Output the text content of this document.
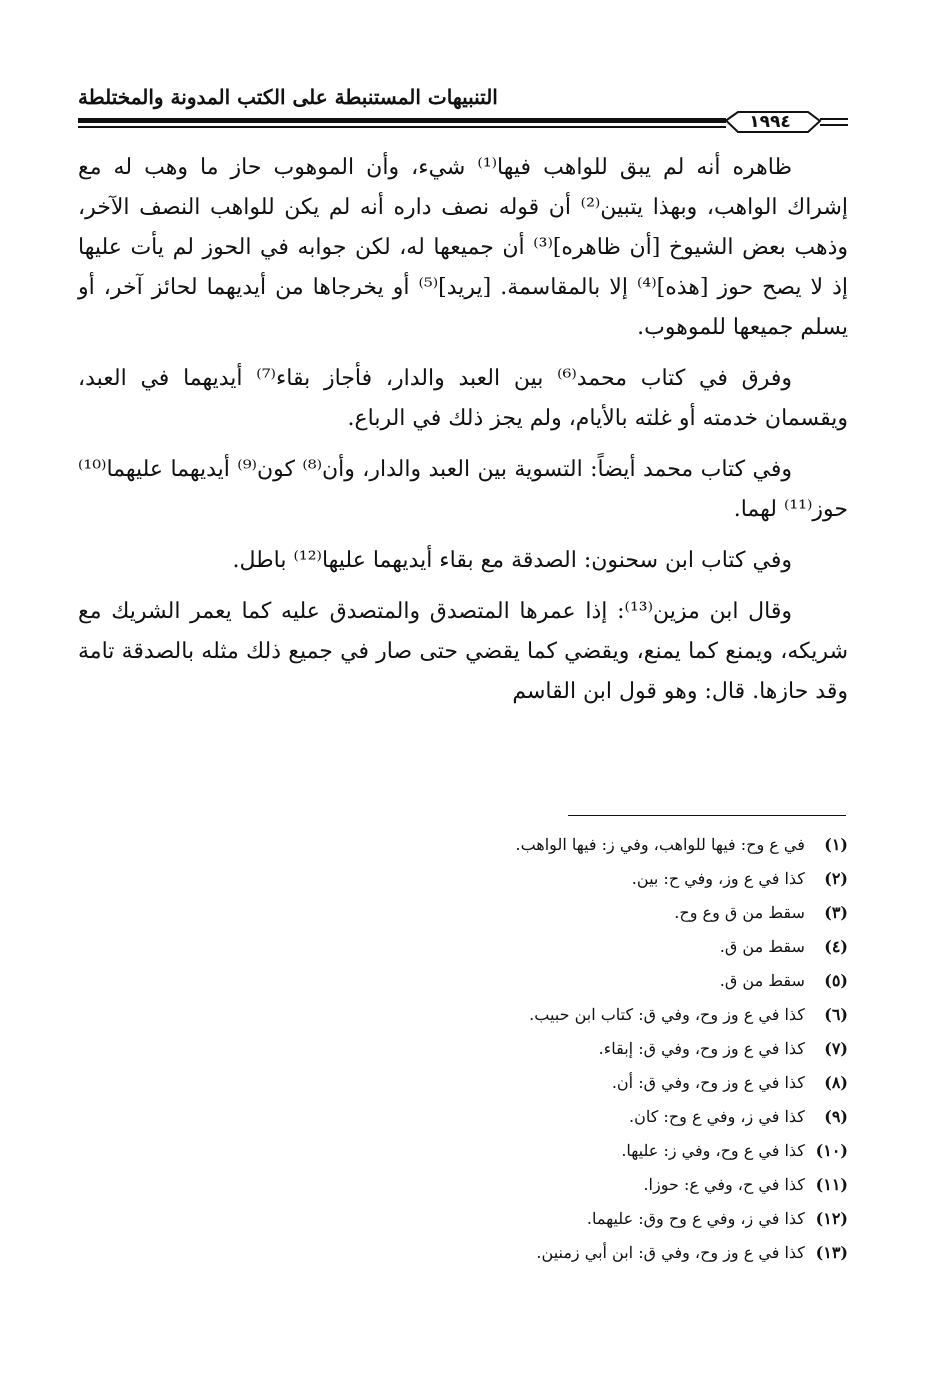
التنبيهات المستنبطة على الكتب المدونة والمختلطة
١٩٩٤

ظاهره أنه لم يبق للواهب فيها⁽¹⁾ شيء، وأن الموهوب حاز ما وهب له مع إشراك الواهب، وبهذا يتبين⁽²⁾ أن قوله نصف داره أنه لم يكن للواهب النصف الآخر، وذهب بعض الشيوخ [أن ظاهره]⁽³⁾ أن جميعها له، لكن جوابه في الحوز لم يأت عليها إذ لا يصح حوز [هذه]⁽⁴⁾ إلا بالمقاسمة. [يريد]⁽⁵⁾ أو يخرجاها من أيديهما لحائز آخر، أو يسلم جميعها للموهوب.

وفرق في كتاب محمد⁽⁶⁾ بين العبد والدار، فأجاز بقاء⁽⁷⁾ أيديهما في العبد، ويقسمان خدمته أو غلته بالأيام، ولم يجز ذلك في الرباع.

وفي كتاب محمد أيضاً: التسوية بين العبد والدار، وأن⁽⁸⁾ كون⁽⁹⁾ أيديهما عليهما⁽¹⁰⁾ حوز⁽¹¹⁾ لهما.

وفي كتاب ابن سحنون: الصدقة مع بقاء أيديهما عليها⁽¹²⁾ باطل.

وقال ابن مزين⁽¹³⁾: إذا عمرها المتصدق والمتصدق عليه كما يعمر الشريك مع شريكه، ويمنع كما يمنع، ويقضي كما يقضي حتى صار في جميع ذلك مثله بالصدقة تامة وقد حازها. قال: وهو قول ابن القاسم

(١) في ع وح: فيها للواهب، وفي ز: فيها الواهب.
(٢) كذا في ع وز، وفي ح: بين.
(٣) سقط من ق وع وح.
(٤) سقط من ق.
(٥) سقط من ق.
(٦) كذا في ع وز وح، وفي ق: كتاب ابن حبيب.
(٧) كذا في ع وز وح، وفي ق: إبقاء.
(٨) كذا في ع وز وح، وفي ق: أن.
(٩) كذا في ز، وفي ع وح: كان.
(١٠) كذا في ع وح، وفي ز: عليها.
(١١) كذا في ح، وفي ع: حوزا.
(١٢) كذا في ز، وفي ع وح وق: عليهما.
(١٣) كذا في ع وز وح، وفي ق: ابن أبي زمنين.
